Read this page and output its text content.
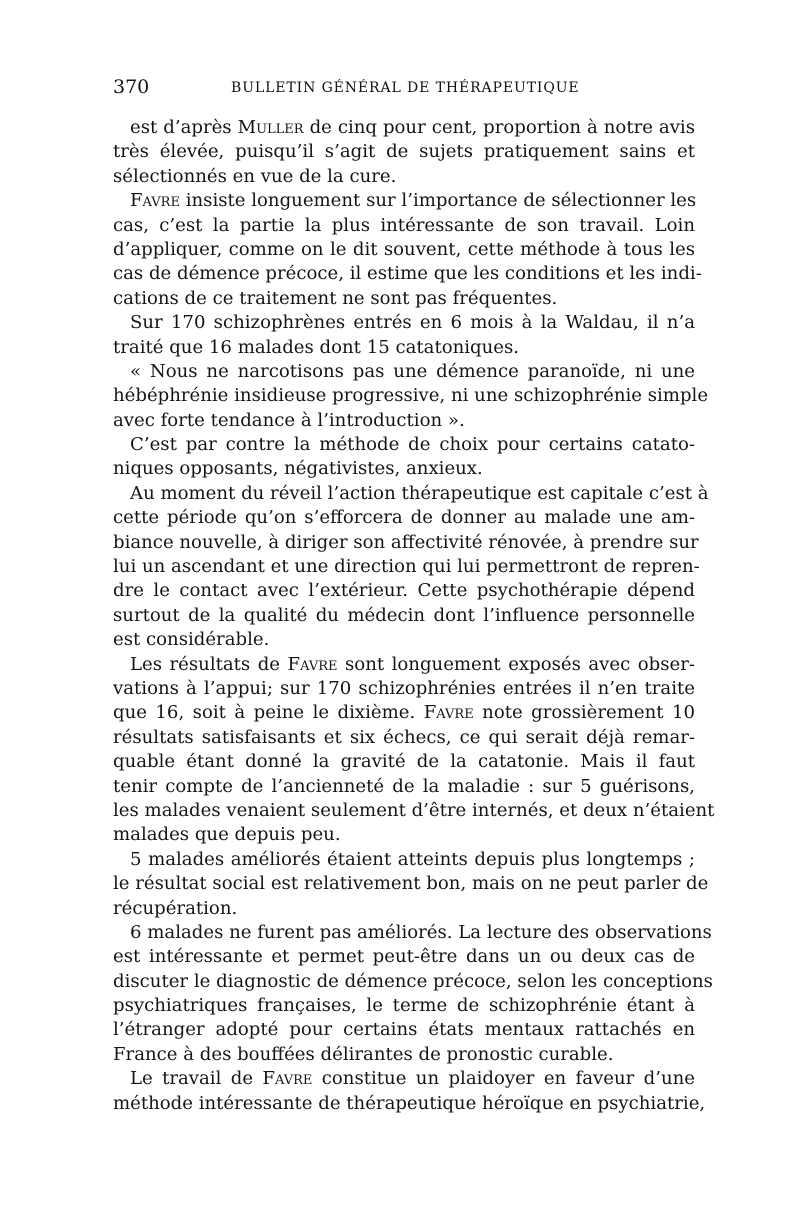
370	BULLETIN GÉNÉRAL DE THÉRAPEUTIQUE
est d’après Muller de cinq pour cent, proportion à notre avis
très élevée, puisqu’il s’agit de sujets pratiquement sains et
sélectionnés en vue de la cure.
Favre insiste longuement sur l’importance de sélectionner les
cas, c’est la partie la plus intéressante de son travail. Loin
d’appliquer, comme on le dit souvent, cette méthode à tous les
cas de démence précoce, il estime que les conditions et les indi-
cations de ce traitement ne sont pas fréquentes.
Sur 170 schizophrènes entrés en 6 mois à la Waldau, il n’a
traité que 16 malades dont 15 catatoniques.
« Nous ne narcotisons pas une démence paranoïde, ni une
hébéphrénie insidieuse progressive, ni une schizophrénie simple
avec forte tendance à l’introduction ».
C’est par contre la méthode de choix pour certains catato-
niques opposants, négativistes, anxieux.
Au moment du réveil l’action thérapeutique est capitale c’est à
cette période qu’on s’efforcera de donner au malade une am-
biance nouvelle, à diriger son affectivité rénovée, à prendre sur
lui un ascendant et une direction qui lui permettront de repren-
dre le contact avec l’extérieur. Cette psychothérapie dépend
surtout de la qualité du médecin dont l’influence personnelle
est considérable.
Les résultats de Favre sont longuement exposés avec obser-
vations à l’appui; sur 170 schizophrénies entrées il n’en traite
que 16, soit à peine le dixième. Favre note grossièrement 10
résultats satisfaisants et six échecs, ce qui serait déjà remar-
quable étant donné la gravité de la catatonie. Mais il faut
tenir compte de l’ancienneté de la maladie : sur 5 guérisons,
les malades venaient seulement d’être internés, et deux n’étaient
malades que depuis peu.
5 malades améliorés étaient atteints depuis plus longtemps ;
le résultat social est relativement bon, mais on ne peut parler de
récupération.
6 malades ne furent pas améliorés. La lecture des observations
est intéressante et permet peut-être dans un ou deux cas de
discuter le diagnostic de démence précoce, selon les conceptions
psychiatriques françaises, le terme de schizophrénie étant à
l’étranger adopté pour certains états mentaux rattachés en
France à des bouffées délirantes de pronostic curable.
Le travail de Favre constitue un plaidoyer en faveur d’une
méthode intéressante de thérapeutique héroïque en psychiatrie,
